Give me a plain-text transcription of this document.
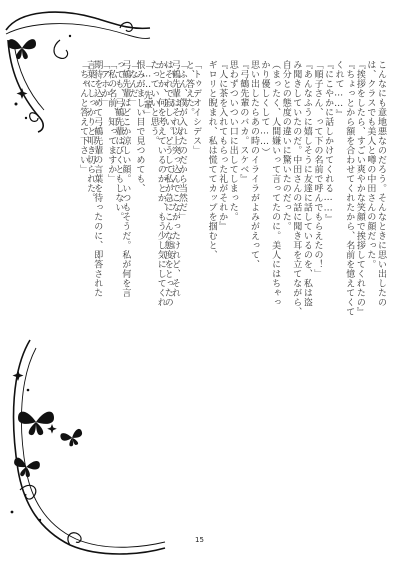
「トゥデオイシデス」
と、答えた。
「ふん、僕が入れたのだから当然だ」
弓鶴先輩はそれ以上突っ込んでこなかったけれど、それ
はそれで寂しい。どうして私が急にこんな態度をとったの
かとか、何を考えているのかとか、もう少し気にしてくれ
たっていいと思う。
「……先輩」
恨みがましい目で見つめても、
「なんだ」
弓鶴先輩はどこか涼しい顔。いつもそうだ。私が何を言
っても、弓鶴先輩はびくともしない。
「私の名前、知ってますか」
「アホか」
期待を込めて弓鶴先輩の言葉を待ったのに、即答された
言葉にしっかりと叩き切られた。
「ちゃんと答えて下さい」	こんなにも意地悪なのだろう。そんなときに思い出したの
は、クラスでも美人と噂の中田さんの顔だった。
『挨拶をしたら、すごい爽やかな笑顔で挨拶してくれたの』
『ちょっとから額を合わせてくれたから、名前を憶えてくて
くれて……』
『にこやかに話しかけてくれる……』
「順子さん、って下の名前で呼んでもらえたの！」
『あんなふうに嬉しそうに友達に話しているのを、私は盗
み聞きしていたのだ。中田さんの話に聞き耳を立てながら、
自分との態度の違いに驚いたのだった。
（まったく、人間嫌いって言ってたのに。美人にはちゃっ
かり優しくして……）
思い出したらあの時のイライラがよみがえって、
『弓鶴先輩のバカ。スケベ』
思わずついつい口に出してしまった。
『人に茶を入れてもらった礼がそれか』
ギロリと睨まれ、私は慌ててカップを掴むと、
15
